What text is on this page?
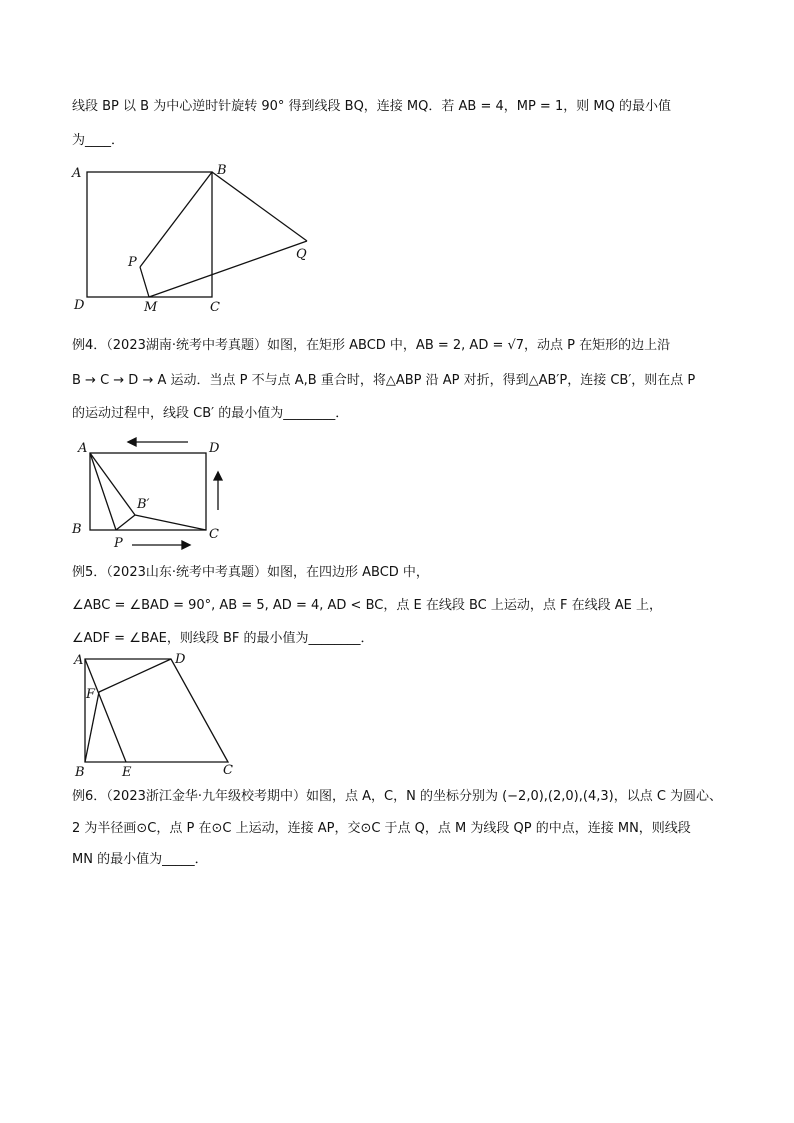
线段 BP 以 B 为中心逆时针旋转 90° 得到线段 BQ，连接 MQ．若 AB = 4，MP = 1，则 MQ 的最小值
为____．
A	B
D	M	C
P
Q
例4．（2023湖南·统考中考真题）如图，在矩形 ABCD 中，AB = 2, AD = √7，动点 P 在矩形的边上沿
B → C → D → A 运动．当点 P 不与点 A,B 重合时，将△ABP 沿 AP 对折，得到△AB′P，连接 CB′，则在点 P
的运动过程中，线段 CB′ 的最小值为________．
A	D
B′
B	C
P
例5．（2023山东·统考中考真题）如图，在四边形 ABCD 中，
∠ABC = ∠BAD = 90°, AB = 5, AD = 4, AD < BC，点 E 在线段 BC 上运动，点 F 在线段 AE 上，
∠ADF = ∠BAE，则线段 BF 的最小值为________．
A	D
F
B	E	C
例6．（2023浙江金华·九年级校考期中）如图，点 A，C，N 的坐标分别为 (−2,0),(2,0),(4,3)，以点 C 为圆心、
2 为半径画⊙C，点 P 在⊙C 上运动，连接 AP，交⊙C 于点 Q，点 M 为线段 QP 的中点，连接 MN，则线段
MN 的最小值为_____．
